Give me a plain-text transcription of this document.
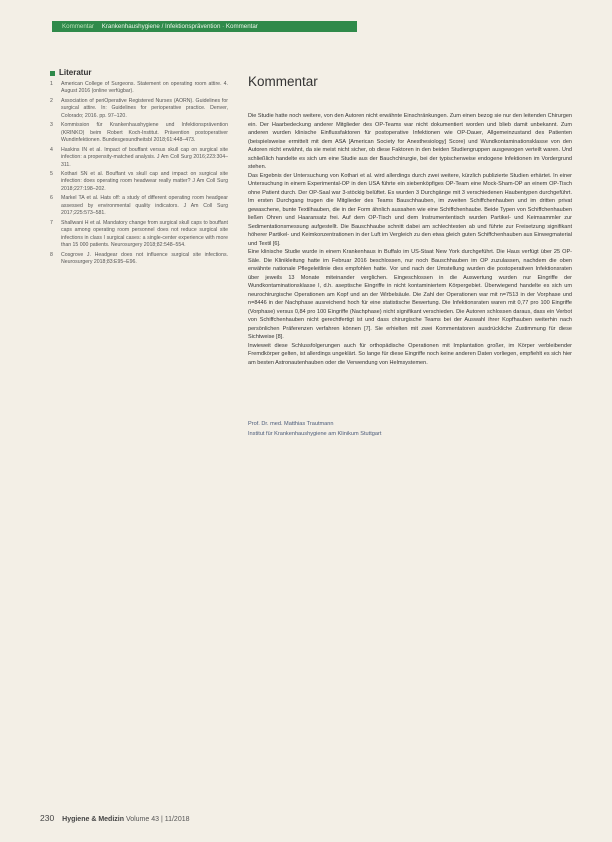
Kommentar Krankenhaushygiene / Infektionsprävention · Kommentar
Literatur
1	American College of Surgeons. Statement on operating room attire. 4. August 2016 (online verfügbar).
2	Association of periOperative Registered Nurses (AORN). Guidelines for surgical attire. In: Guidelines for perioperative practice. Denver, Colorado; 2016. pp. 97–120.
3	Kommission für Krankenhaushygiene und Infektionsprävention (KRINKO) beim Robert Koch-Institut. Prävention postoperativer Wundinfektionen. Bundesgesundheitsbl 2018;61:448–473.
4	Haskins IN et al. Impact of bouffant versus skull cap on surgical site infection: a propensity-matched analysis. J Am Coll Surg 2016;223:304–311.
5	Kothari SN et al. Bouffant vs skull cap and impact on surgical site infection: does operating room headwear really matter? J Am Coll Surg 2018;227:198–202.
6	Markel TA et al. Hats off: a study of different operating room headgear assessed by environmental quality indicators. J Am Coll Surg 2017;225:573–581.
7	Shallwani H et al. Mandatory change from surgical skull caps to bouffant caps among operating room personnel does not reduce surgical site infections in class I surgical cases: a single-center experience with more than 15 000 patients. Neurosurgery 2018;82:548–554.
8	Cosgrove J. Headgear does not influence surgical site infections. Neurosurgery 2018;83:E95–E96.
Kommentar

Die Studie hatte noch weitere, von den Autoren nicht erwähnte Einschränkungen. Zum einen bezog sie nur den leitenden Chirurgen ein. Der Haarbedeckung anderer Mitglieder des OP-Teams war nicht dokumentiert worden und blieb damit unbekannt. Zum anderen wurden klinische Einflussfaktoren für postoperative Infektionen wie OP-Dauer, Allgemeinzustand des Patienten (beispielsweise ermittelt mit dem ASA [American Society for Anesthesiology] Score) und Wundkontaminationsklasse von den Autoren nicht erwähnt, da sie meist nicht sicher, ob diese Faktoren in den beiden Studiengruppen ausgewogen verteilt waren. Und schließlich handelte es sich um eine Studie aus der Bauchchirurgie, bei der typischerweise endogene Infektionen im Vordergrund stehen.

Das Ergebnis der Untersuchung von Kothari et al. wird allerdings durch zwei weitere, kürzlich publizierte Studien erhärtet. In einer Untersuchung in einem Experimental-OP in den USA führte ein siebenköpfiges OP-Team eine Mock-Sham-OP an einem OP-Tisch ohne Patient durch. Der OP-Saal war 3-stöckig belüftet. Es wurden 3 Durchgänge mit 3 verschiedenen Haubentypen durchgeführt. Im ersten Durchgang trugen die Mitglieder des Teams Bauschhauben, im zweiten Schiffchenhauben und im dritten privat gewaschene, bunte Textilhauben, die in der Form ähnlich aussahen wie eine Schiffchenhaube. Beide Typen von Schiffchenhauben ließen Ohren und Haaransatz frei. Auf dem OP-Tisch und dem Instrumententisch wurden Partikel- und Keimsammler zur Sedimentationsmessung aufgestellt. Die Bauschhaube schnitt dabei am schlechtesten ab und führte zur Freisetzung signifikant höherer Partikel- und Keimkonzentrationen in der Luft im Vergleich zu den etwa gleich guten Schiffchenhauben aus Einwegmaterial und Textil [6].

Eine klinische Studie wurde in einem Krankenhaus in Buffalo im US-Staat New York durchgeführt. Die Haus verfügt über 25 OP-Säle. Die Klinikleitung hatte im Februar 2016 beschlossen, nur noch Bauschhauben im OP zuzulassen, nachdem die oben erwähnte nationale Pflegeleitlinie dies empfohlen hatte. Vor und nach der Umstellung wurden die postoperativen Infektionsraten über jeweils 13 Monate miteinander verglichen. Eingeschlossen in die Auswertung wurden nur Eingriffe der Wundkontaminationsklasse I, d.h. aseptische Eingriffe in nicht kontaminiertem Körpergebiet. Überwiegend handelte es sich um neurochirurgische Operationen am Kopf und an der Wirbelsäule. Die Zahl der Operationen war mit n=7513 in der Vorphase und n=8446 in der Nachphase ausreichend hoch für eine statistische Bewertung. Die Infektionsraten waren mit 0,77 pro 100 Eingriffe (Vorphase) versus 0,84 pro 100 Eingriffe (Nachphase) nicht signifikant verschieden. Die Autoren schlossen daraus, dass ein Verbot von Schiffchenhauben nicht gerechtfertigt ist und dass chirurgische Teams bei der Auswahl ihrer Kopfhauben weiterhin nach persönlichen Präferenzen verfahren können [7]. Sie erhielten mit zwei Kommentatoren ausdrückliche Zustimmung für diese Sichtweise [8].

Inwieweit diese Schlussfolgerungen auch für orthopädische Operationen mit Implantation großer, im Körper verbleibender Fremdkörper gelten, ist allerdings ungeklärt. So lange für diese Eingriffe noch keine anderen Daten vorliegen, empfiehlt es sich hier am besten Astronautenhauben oder die Verwendung von Helmsystemen.

Prof. Dr. med. Matthias Trautmann
Institut für Krankenhaushygiene am Klinikum Stuttgart
230 Hygiene & Medizin Volume 43 | 11/2018
